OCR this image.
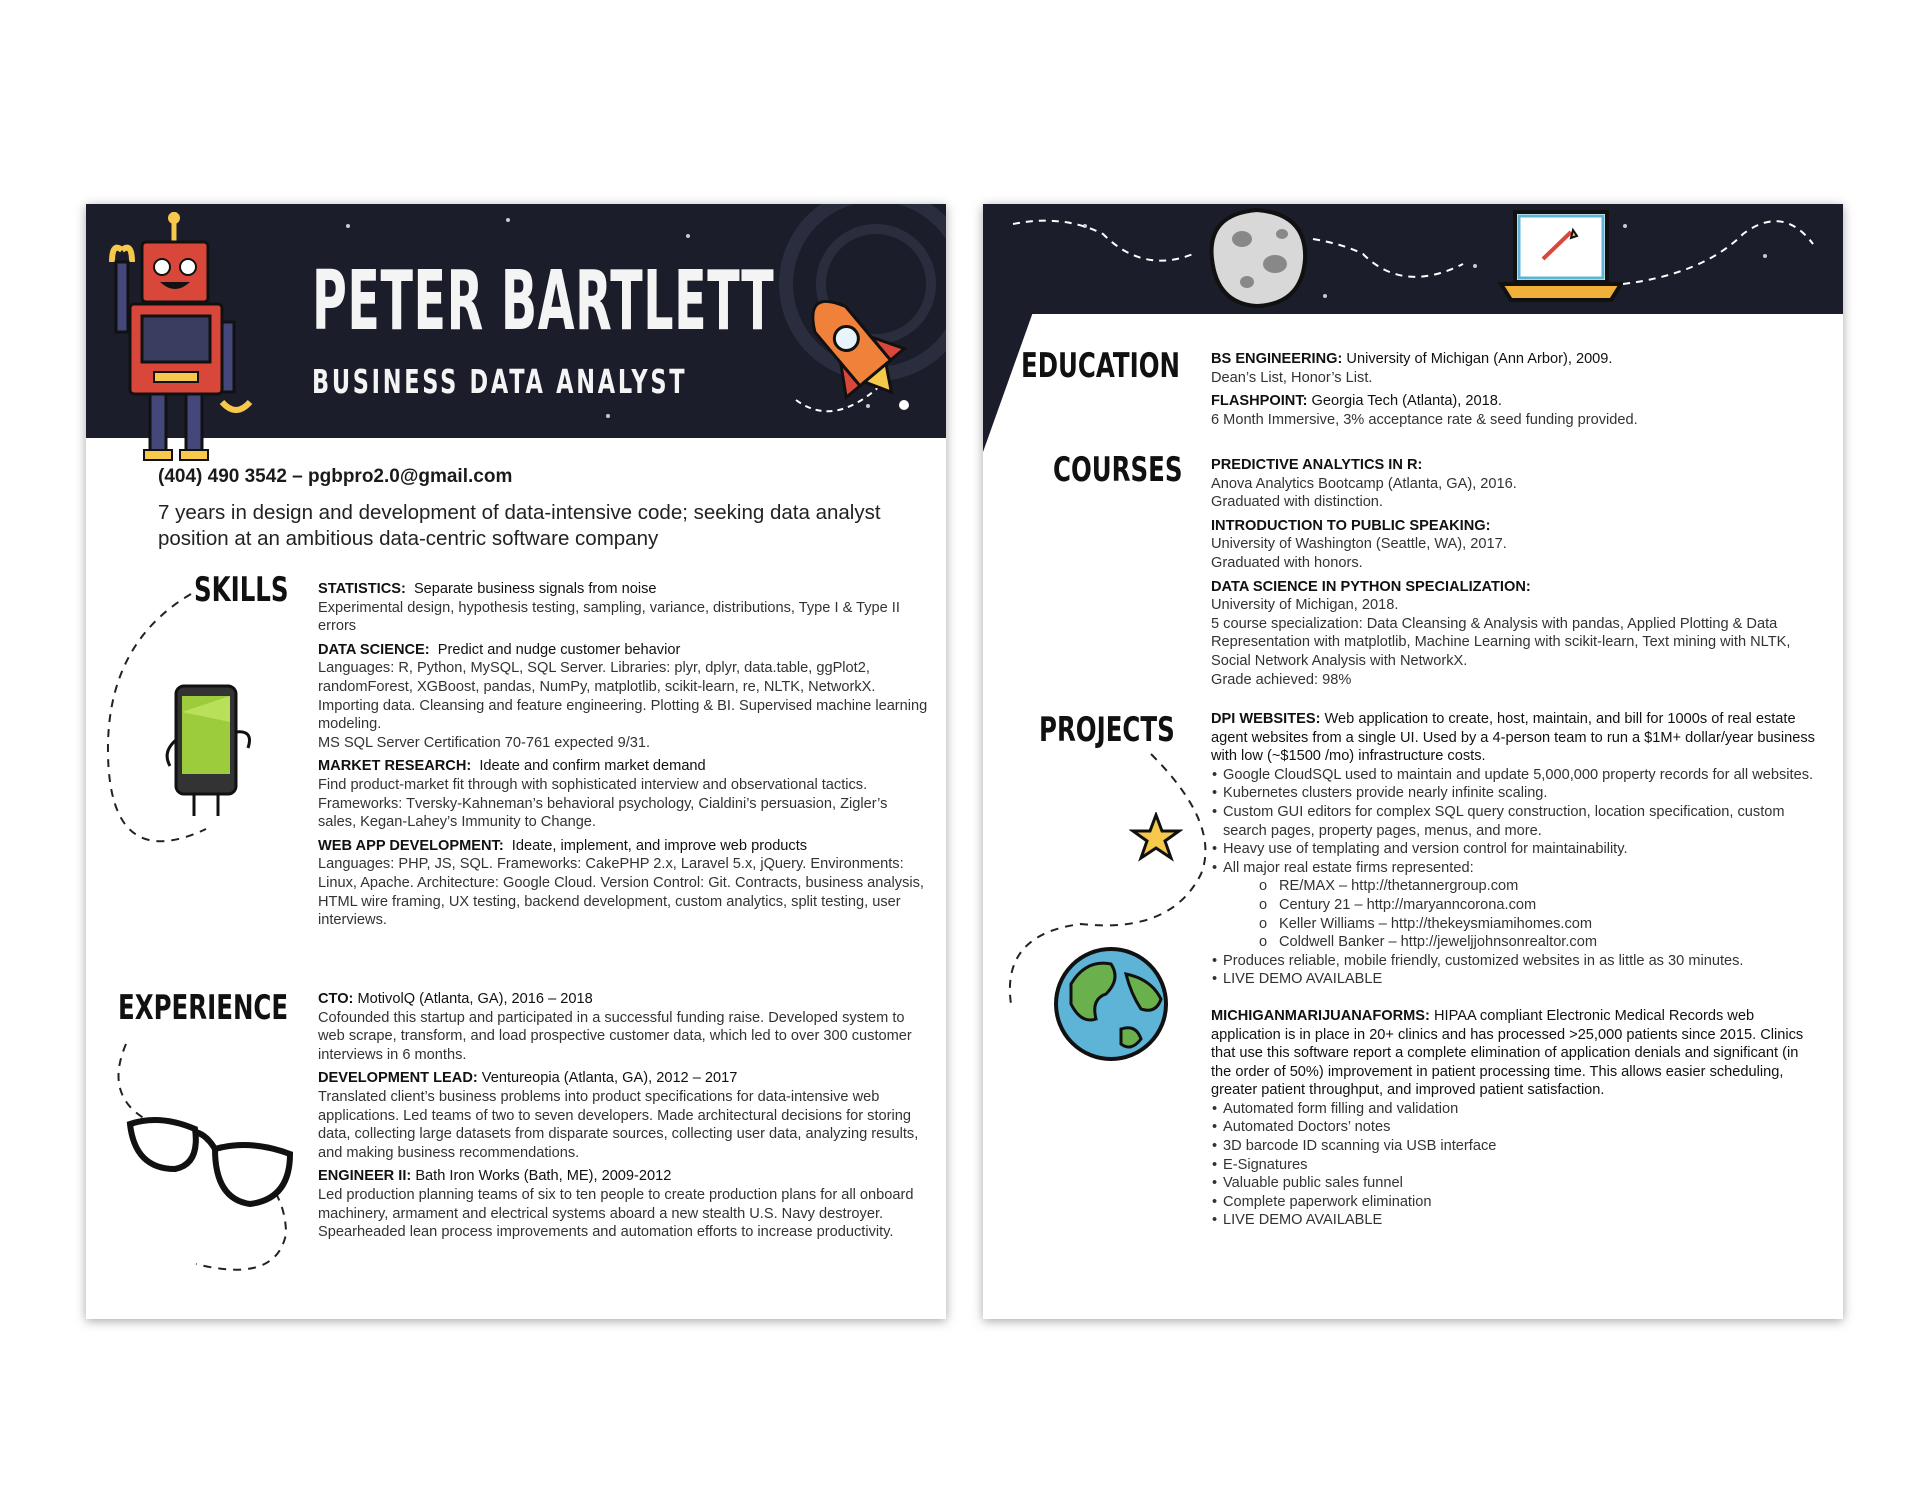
PETER BARTLETT
BUSINESS DATA ANALYST
(404) 490 3542 – pgbpro2.0@gmail.com
7 years in design and development of data-intensive code; seeking data analyst position at an ambitious data-centric software company
SKILLS STATISTICS: Separate business signals from noise
Experimental design, hypothesis testing, sampling, variance, distributions, Type I & Type II errors
DATA SCIENCE: Predict and nudge customer behavior
Languages: R, Python, MySQL, SQL Server. Libraries: plyr, dplyr, data.table, ggPlot2, randomForest, XGBoost, pandas, NumPy, matplotlib, scikit-learn, re, NLTK, NetworkX. Importing data. Cleansing and feature engineering. Plotting & BI. Supervised machine learning modeling.
MS SQL Server Certification 70-761 expected 9/31.
MARKET RESEARCH: Ideate and confirm market demand
Find product-market fit through with sophisticated interview and observational tactics. Frameworks: Tversky-Kahneman’s behavioral psychology, Cialdini’s persuasion, Zigler’s sales, Kegan-Lahey’s Immunity to Change.
WEB APP DEVELOPMENT: Ideate, implement, and improve web products
Languages: PHP, JS, SQL. Frameworks: CakePHP 2.x, Laravel 5.x, jQuery. Environments: Linux, Apache. Architecture: Google Cloud. Version Control: Git. Contracts, business analysis, HTML wire framing, UX testing, backend development, custom analytics, split testing, user interviews.
EXPERIENCE CTO: MotivolQ (Atlanta, GA), 2016 – 2018
Cofounded this startup and participated in a successful funding raise. Developed system to web scrape, transform, and load prospective customer data, which led to over 300 customer interviews in 6 months.
DEVELOPMENT LEAD: Ventureopia (Atlanta, GA), 2012 – 2017
Translated client’s business problems into product specifications for data-intensive web applications. Led teams of two to seven developers. Made architectural decisions for storing data, collecting large datasets from disparate sources, collecting user data, analyzing results, and making business recommendations.
ENGINEER II: Bath Iron Works (Bath, ME), 2009-2012
Led production planning teams of six to ten people to create production plans for all onboard machinery, armament and electrical systems aboard a new stealth U.S. Navy destroyer. Spearheaded lean process improvements and automation efforts to increase productivity.
EDUCATION BS ENGINEERING: University of Michigan (Ann Arbor), 2009.
Dean’s List, Honor’s List.
FLASHPOINT: Georgia Tech (Atlanta), 2018.
6 Month Immersive, 3% acceptance rate & seed funding provided.
COURSES PREDICTIVE ANALYTICS IN R:
Anova Analytics Bootcamp (Atlanta, GA), 2016.
Graduated with distinction.
INTRODUCTION TO PUBLIC SPEAKING:
University of Washington (Seattle, WA), 2017.
Graduated with honors.
DATA SCIENCE IN PYTHON SPECIALIZATION:
University of Michigan, 2018.
5 course specialization: Data Cleansing & Analysis with pandas, Applied Plotting & Data Representation with matplotlib, Machine Learning with scikit-learn, Text mining with NLTK, Social Network Analysis with NetworkX.
Grade achieved: 98%
PROJECTS DPI WEBSITES: Web application to create, host, maintain, and bill for 1000s of real estate agent websites from a single UI. Used by a 4-person team to run a $1M+ dollar/year business with low (~$1500 /mo) infrastructure costs.
• Google CloudSQL used to maintain and update 5,000,000 property records for all websites.
• Kubernetes clusters provide nearly infinite scaling.
• Custom GUI editors for complex SQL query construction, location specification, custom search pages, property pages, menus, and more.
• Heavy use of templating and version control for maintainability.
• All major real estate firms represented:
o RE/MAX – http://thetannergroup.com
o Century 21 – http://maryanncorona.com
o Keller Williams – http://thekeysmiamihomes.com
o Coldwell Banker – http://jeweljjohnsonrealtor.com
• Produces reliable, mobile friendly, customized websites in as little as 30 minutes.
• LIVE DEMO AVAILABLE
MICHIGANMARIJUANAFORMS: HIPAA compliant Electronic Medical Records web application is in place in 20+ clinics and has processed >25,000 patients since 2015. Clinics that use this software report a complete elimination of application denials and significant (in the order of 50%) improvement in patient processing time. This allows easier scheduling, greater patient throughput, and improved patient satisfaction.
• Automated form filling and validation
• Automated Doctors’ notes
• 3D barcode ID scanning via USB interface
• E-Signatures
• Valuable public sales funnel
• Complete paperwork elimination
• LIVE DEMO AVAILABLE
